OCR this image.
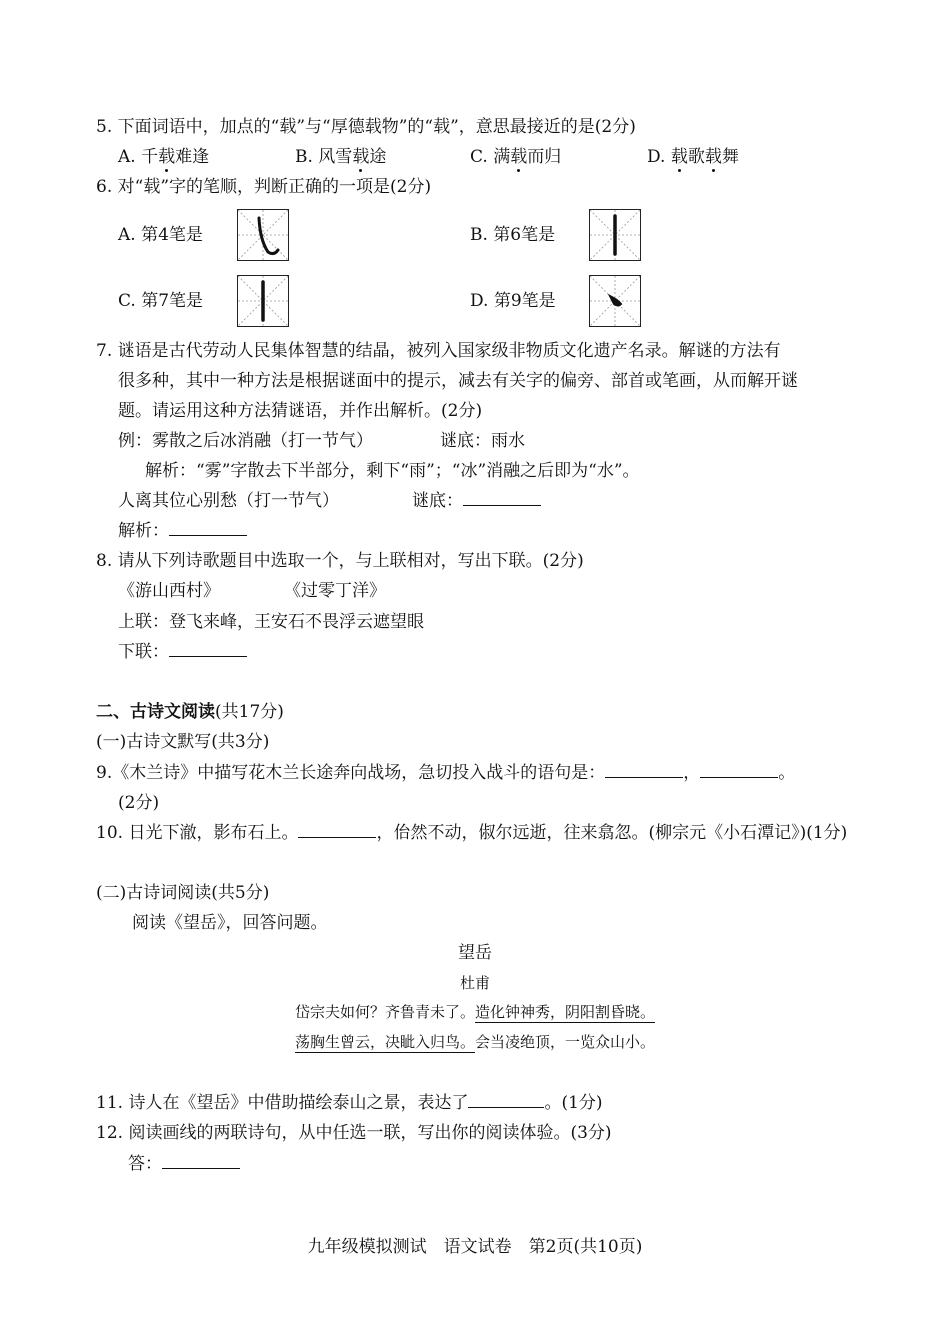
5. 下面词语中，加点的“载”与“厚德载物”的“载”，意思最接近的是(2分)
A. 千载难逢	B. 风雪载途	C. 满载而归	D. 载歌载舞
6. 对“载”字的笔顺，判断正确的一项是(2分)
A. 第4笔是	B. 第6笔是
C. 第7笔是	D. 第9笔是
7. 谜语是古代劳动人民集体智慧的结晶，被列入国家级非物质文化遗产名录。解谜的方法有
很多种，其中一种方法是根据谜面中的提示，减去有关字的偏旁、部首或笔画，从而解开谜
题。请运用这种方法猜谜语，并作出解析。(2分)
例：雾散之后冰消融（打一节气）	谜底：雨水
解析：“雾”字散去下半部分，剩下“雨”；“冰”消融之后即为“水”。
人离其位心别愁（打一节气）	谜底：
解析：
8. 请从下列诗歌题目中选取一个，与上联相对，写出下联。(2分)
《游山西村》	《过零丁洋》
上联：登飞来峰，王安石不畏浮云遮望眼
下联：
二、古诗文阅读(共17分)
(一)古诗文默写(共3分)
9.《木兰诗》中描写花木兰长途奔向战场，急切投入战斗的语句是：	，	。
(2分)
10. 日光下澈，影布石上。	，佁然不动，俶尔远逝，往来翕忽。(柳宗元《小石潭记》)(1分)
(二)古诗词阅读(共5分)
阅读《望岳》，回答问题。
望岳
杜甫
岱宗夫如何？齐鲁青未了。造化钟神秀，阴阳割昏晓。
荡胸生曾云，决眦入归鸟。会当凌绝顶，一览众山小。
11. 诗人在《望岳》中借助描绘泰山之景，表达了	。(1分)
12. 阅读画线的两联诗句，从中任选一联，写出你的阅读体验。(3分)
答：
九年级模拟测试　语文试卷　第2页(共10页)
